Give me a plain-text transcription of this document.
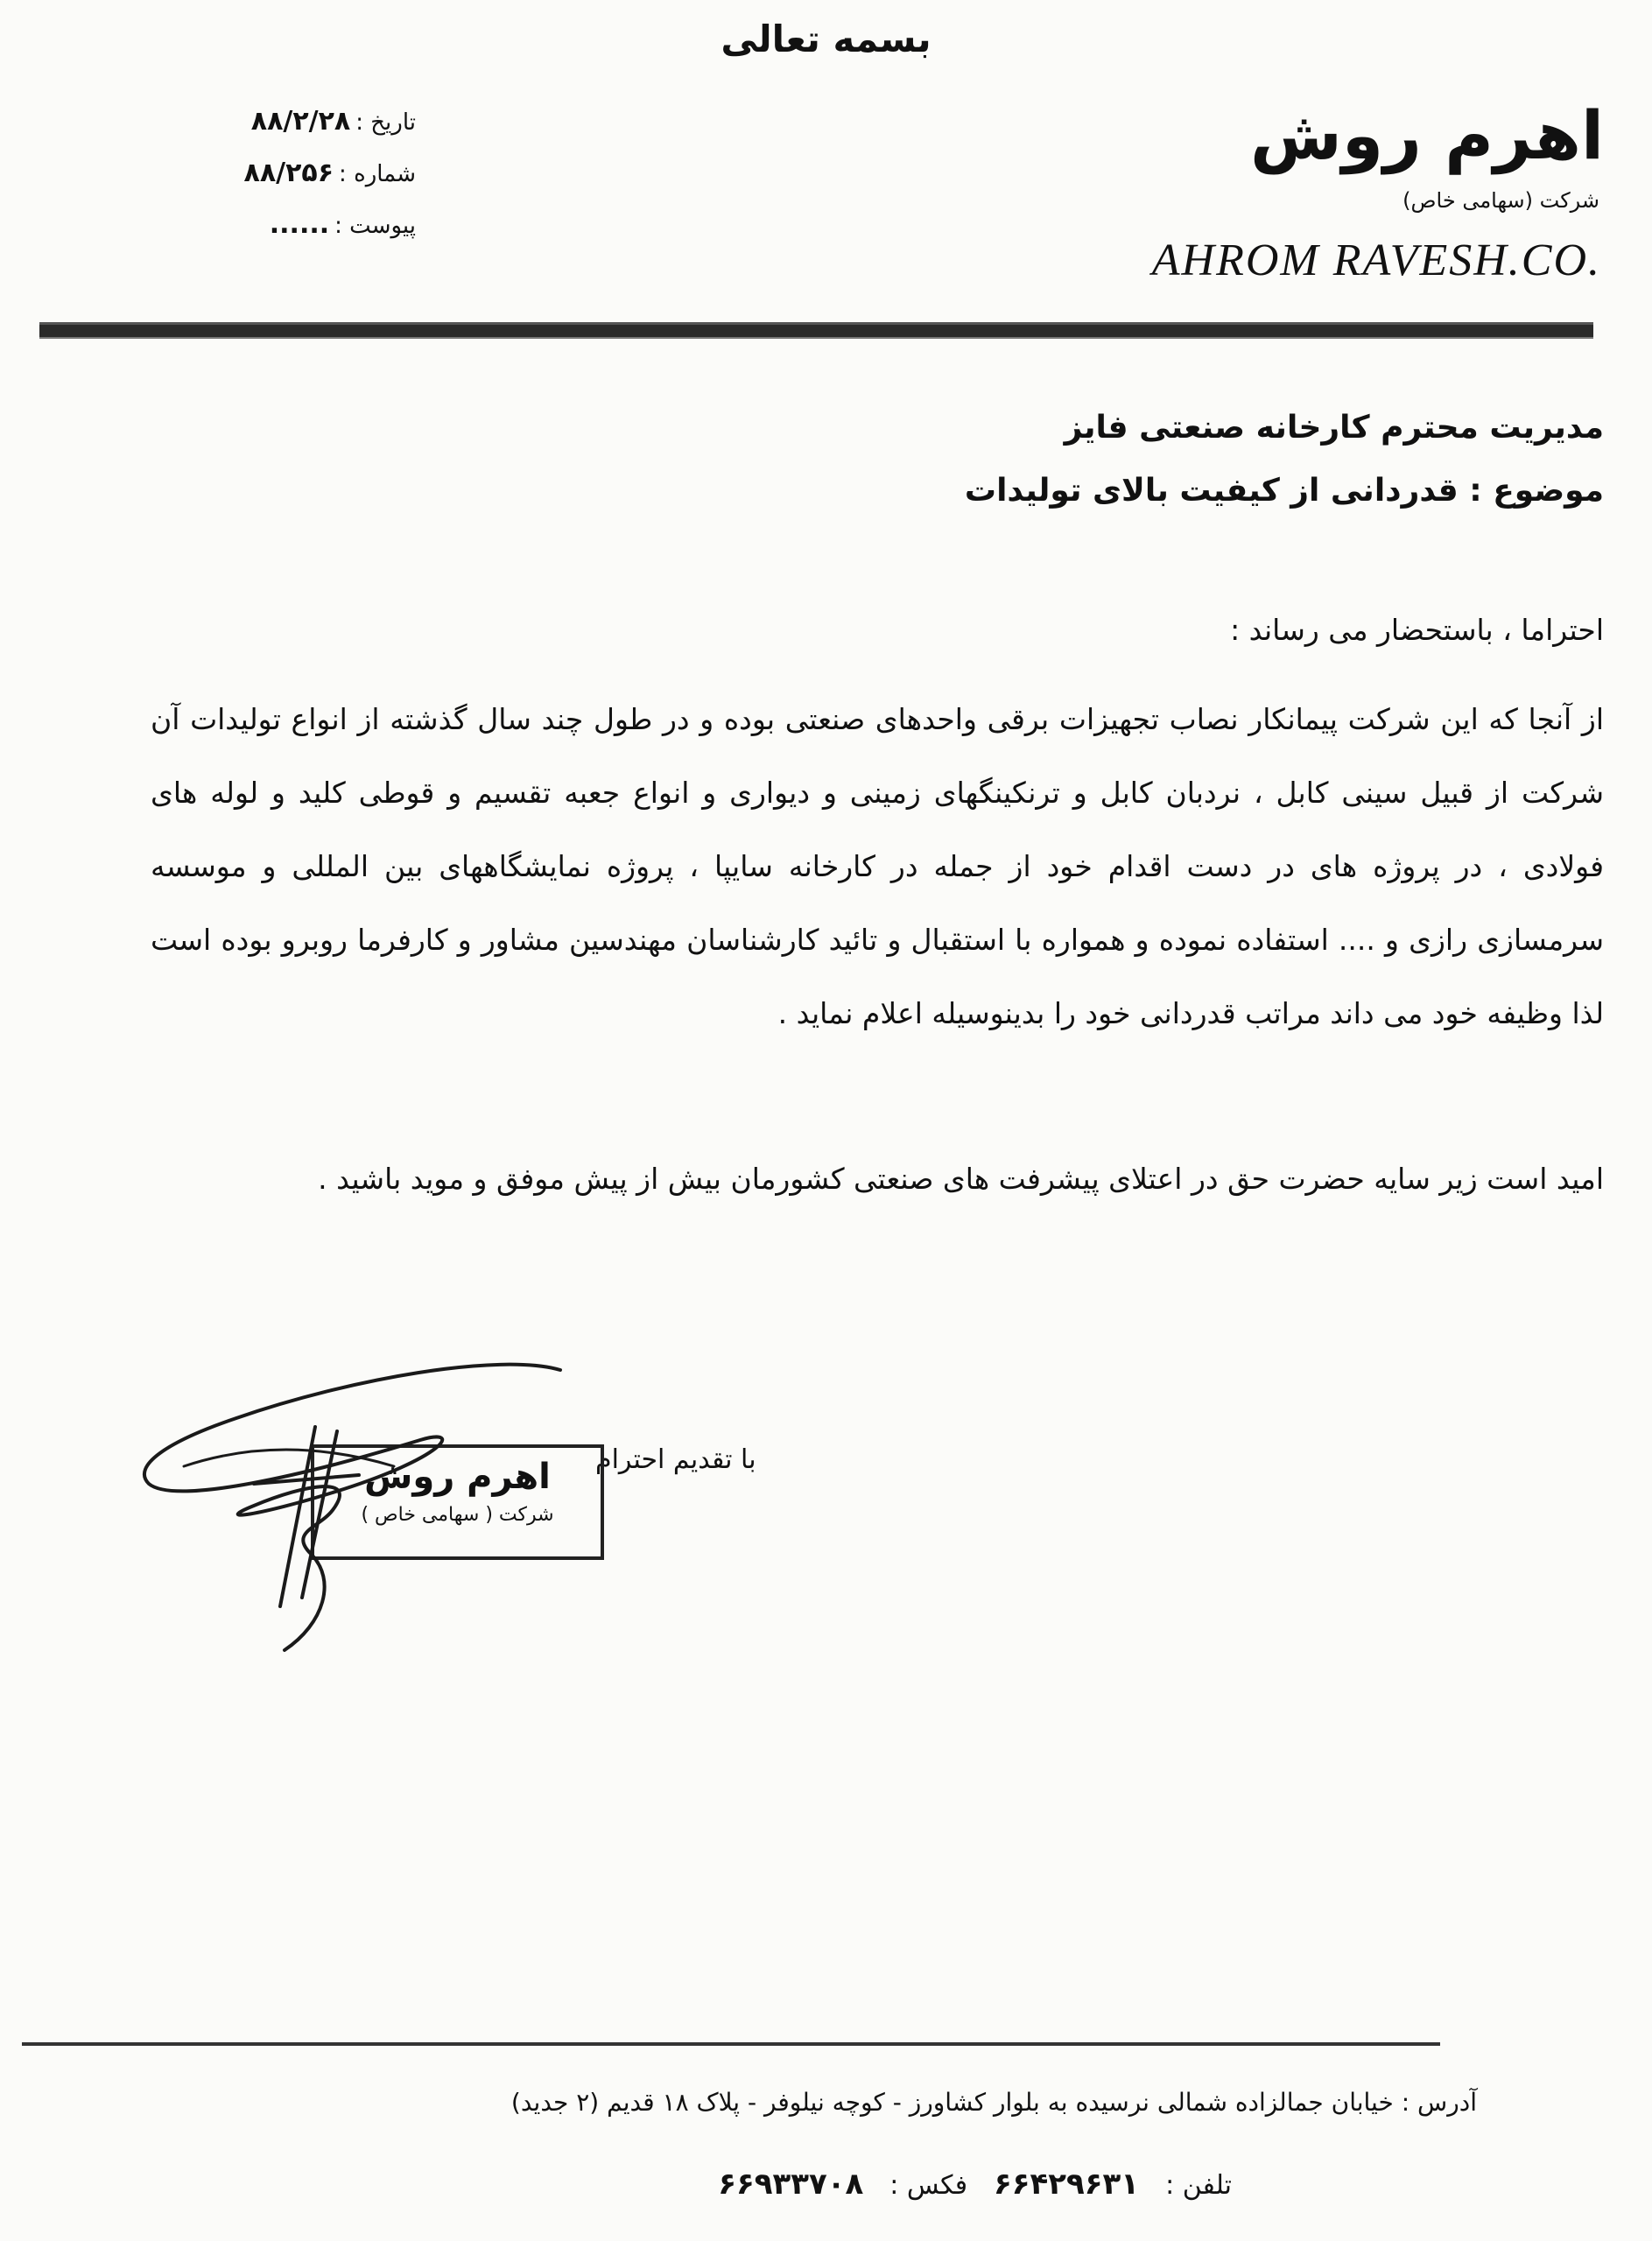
بسمه تعالی
تاریخ :۸۸/۲/۲۸
شماره :۸۸/۲۵۶
پیوست :......
اهرم روش
شرکت (سهامی خاص)
AHROM RAVESH.CO.
مدیریت محترم کارخانه صنعتی فایز
موضوع : قدردانی از کیفیت بالای تولیدات
احتراما ، باستحضار می رساند :
از آنجا که این شرکت پیمانکار نصاب تجهیزات برقی واحدهای صنعتی بوده و در طول چند سال گذشته از انواع تولیدات آن شرکت از قبیل سینی کابل ، نردبان کابل و ترنکینگهای زمینی و دیواری و انواع جعبه تقسیم و قوطی کلید و لوله های فولادی ، در پروژه های در دست اقدام خود از جمله در کارخانه سایپا ، پروژه نمایشگاههای بین المللی و موسسه سرمسازی رازی و .... استفاده نموده و همواره با استقبال و تائید کارشناسان مهندسین مشاور و کارفرما روبرو بوده است لذا وظیفه خود می داند مراتب قدردانی خود را بدینوسیله اعلام نماید .
امید است زیر سایه حضرت حق در اعتلای پیشرفت های صنعتی کشورمان بیش از پیش موفق و موید باشید .
با تقدیم احترام
اهرم روش
شرکت ( سهامی خاص )
آدرس : خیابان جمالزاده شمالی نرسیده به بلوار کشاورز - کوچه نیلوفر - پلاک ۱۸ قدیم (۲ جدید)
تلفن :۶۶۴۲۹۶۳۱فکس :۶۶۹۳۳۷۰۸
